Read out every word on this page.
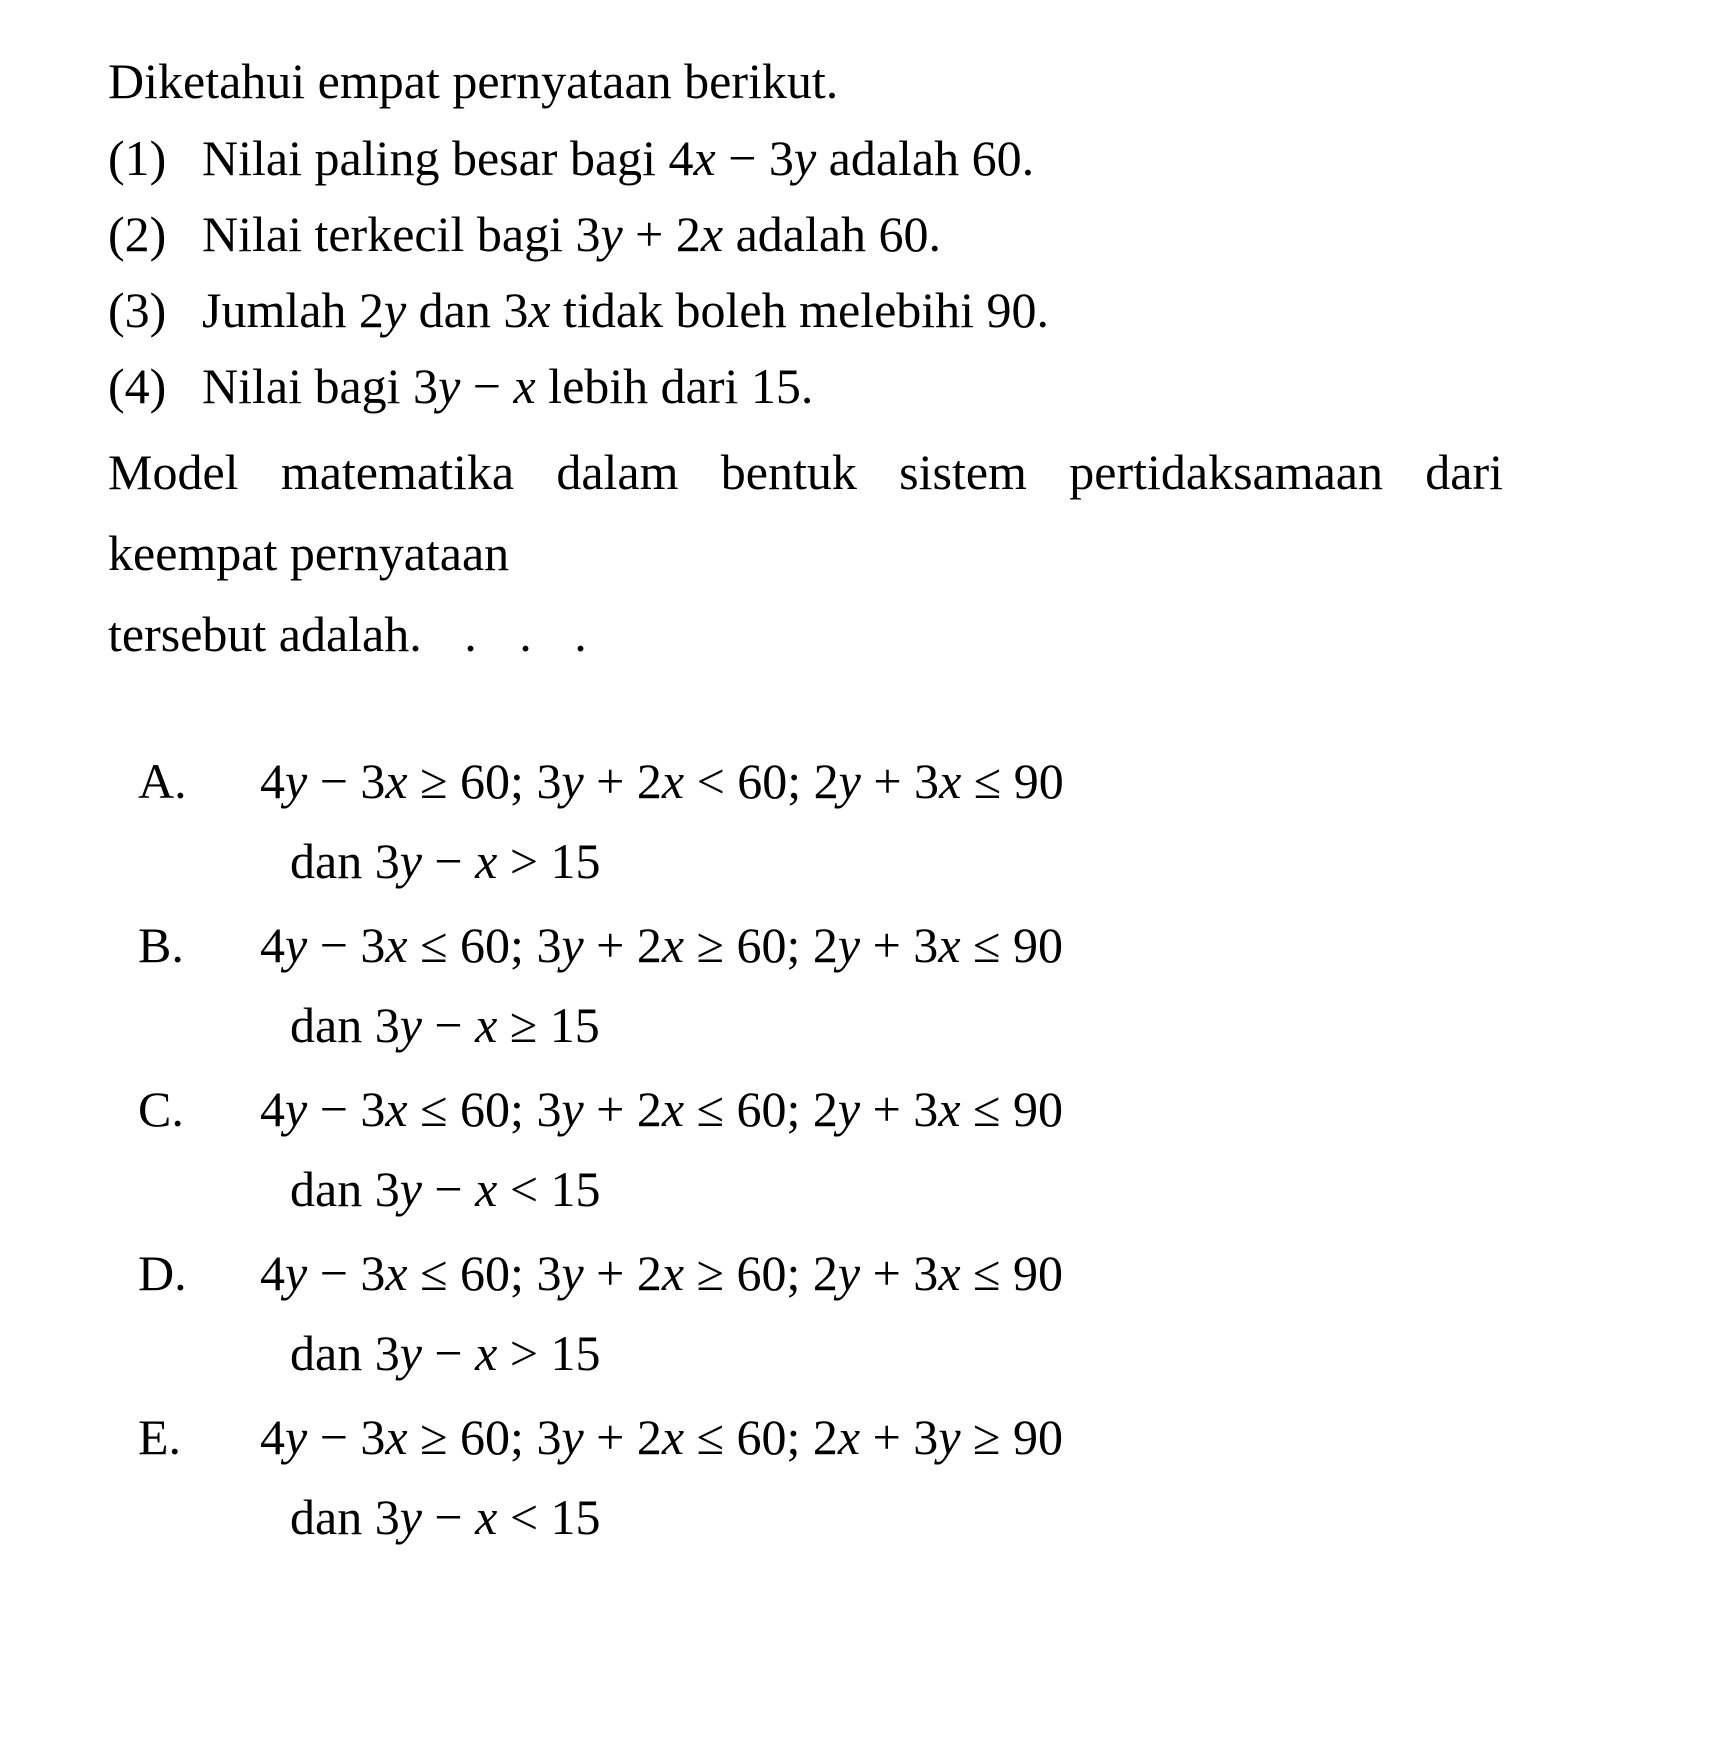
Diketahui empat pernyataan berikut.
(1) Nilai paling besar bagi 4x − 3y adalah 60.
(2) Nilai terkecil bagi 3y + 2x adalah 60.
(3) Jumlah 2y dan 3x tidak boleh melebihi 90.
(4) Nilai bagi 3y − x lebih dari 15.
Model matematika dalam bentuk sistem pertidaksamaan dari keempat pernyataan
tersebut adalah. . . .
A.	4y − 3x ≥ 60; 3y + 2x < 60; 2y + 3x ≤ 90
dan 3y − x > 15
B.	4y − 3x ≤ 60; 3y + 2x ≥ 60; 2y + 3x ≤ 90
dan 3y − x ≥ 15
C.	4y − 3x ≤ 60; 3y + 2x ≤ 60; 2y + 3x ≤ 90
dan 3y − x < 15
D.	4y − 3x ≤ 60; 3y + 2x ≥ 60; 2y + 3x ≤ 90
dan 3y − x > 15
E.	4y − 3x ≥ 60; 3y + 2x ≤ 60; 2x + 3y ≥ 90
dan 3y − x < 15
